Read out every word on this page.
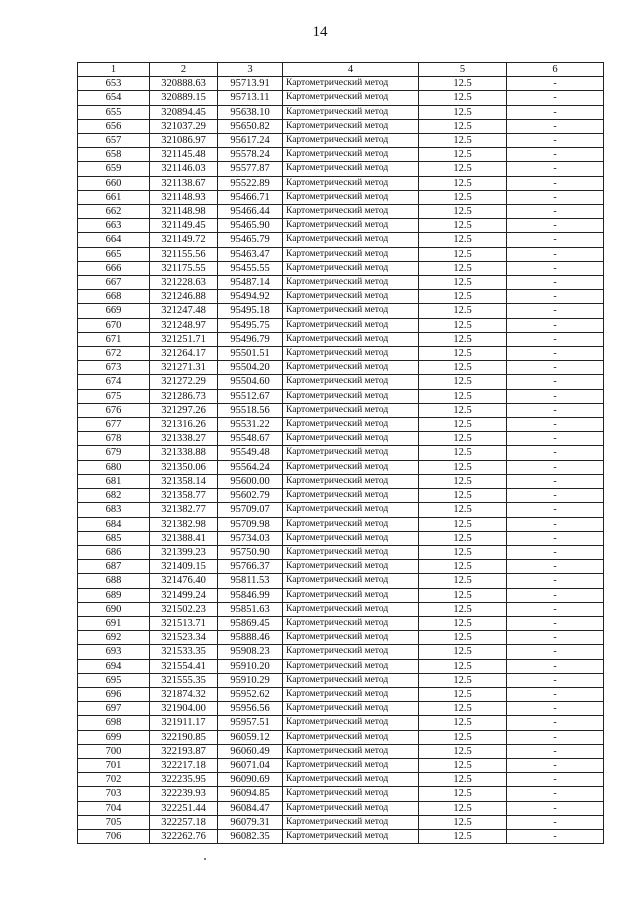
14
1	2	3	4	5	6
653	320888.63	95713.91	Картометрический метод	12.5	-
654	320889.15	95713.11	Картометрический метод	12.5	-
655	320894.45	95638.10	Картометрический метод	12.5	-
656	321037.29	95650.82	Картометрический метод	12.5	-
657	321086.97	95617.24	Картометрический метод	12.5	-
658	321145.48	95578.24	Картометрический метод	12.5	-
659	321146.03	95577.87	Картометрический метод	12.5	-
660	321138.67	95522.89	Картометрический метод	12.5	-
661	321148.93	95466.71	Картометрический метод	12.5	-
662	321148.98	95466.44	Картометрический метод	12.5	-
663	321149.45	95465.90	Картометрический метод	12.5	-
664	321149.72	95465.79	Картометрический метод	12.5	-
665	321155.56	95463.47	Картометрический метод	12.5	-
666	321175.55	95455.55	Картометрический метод	12.5	-
667	321228.63	95487.14	Картометрический метод	12.5	-
668	321246.88	95494.92	Картометрический метод	12.5	-
669	321247.48	95495.18	Картометрический метод	12.5	-
670	321248.97	95495.75	Картометрический метод	12.5	-
671	321251.71	95496.79	Картометрический метод	12.5	-
672	321264.17	95501.51	Картометрический метод	12.5	-
673	321271.31	95504.20	Картометрический метод	12.5	-
674	321272.29	95504.60	Картометрический метод	12.5	-
675	321286.73	95512.67	Картометрический метод	12.5	-
676	321297.26	95518.56	Картометрический метод	12.5	-
677	321316.26	95531.22	Картометрический метод	12.5	-
678	321338.27	95548.67	Картометрический метод	12.5	-
679	321338.88	95549.48	Картометрический метод	12.5	-
680	321350.06	95564.24	Картометрический метод	12.5	-
681	321358.14	95600.00	Картометрический метод	12.5	-
682	321358.77	95602.79	Картометрический метод	12.5	-
683	321382.77	95709.07	Картометрический метод	12.5	-
684	321382.98	95709.98	Картометрический метод	12.5	-
685	321388.41	95734.03	Картометрический метод	12.5	-
686	321399.23	95750.90	Картометрический метод	12.5	-
687	321409.15	95766.37	Картометрический метод	12.5	-
688	321476.40	95811.53	Картометрический метод	12.5	-
689	321499.24	95846.99	Картометрический метод	12.5	-
690	321502.23	95851.63	Картометрический метод	12.5	-
691	321513.71	95869.45	Картометрический метод	12.5	-
692	321523.34	95888.46	Картометрический метод	12.5	-
693	321533.35	95908.23	Картометрический метод	12.5	-
694	321554.41	95910.20	Картометрический метод	12.5	-
695	321555.35	95910.29	Картометрический метод	12.5	-
696	321874.32	95952.62	Картометрический метод	12.5	-
697	321904.00	95956.56	Картометрический метод	12.5	-
698	321911.17	95957.51	Картометрический метод	12.5	-
699	322190.85	96059.12	Картометрический метод	12.5	-
700	322193.87	96060.49	Картометрический метод	12.5	-
701	322217.18	96071.04	Картометрический метод	12.5	-
702	322235.95	96090.69	Картометрический метод	12.5	-
703	322239.93	96094.85	Картометрический метод	12.5	-
704	322251.44	96084.47	Картометрический метод	12.5	-
705	322257.18	96079.31	Картометрический метод	12.5	-
706	322262.76	96082.35	Картометрический метод	12.5	-
